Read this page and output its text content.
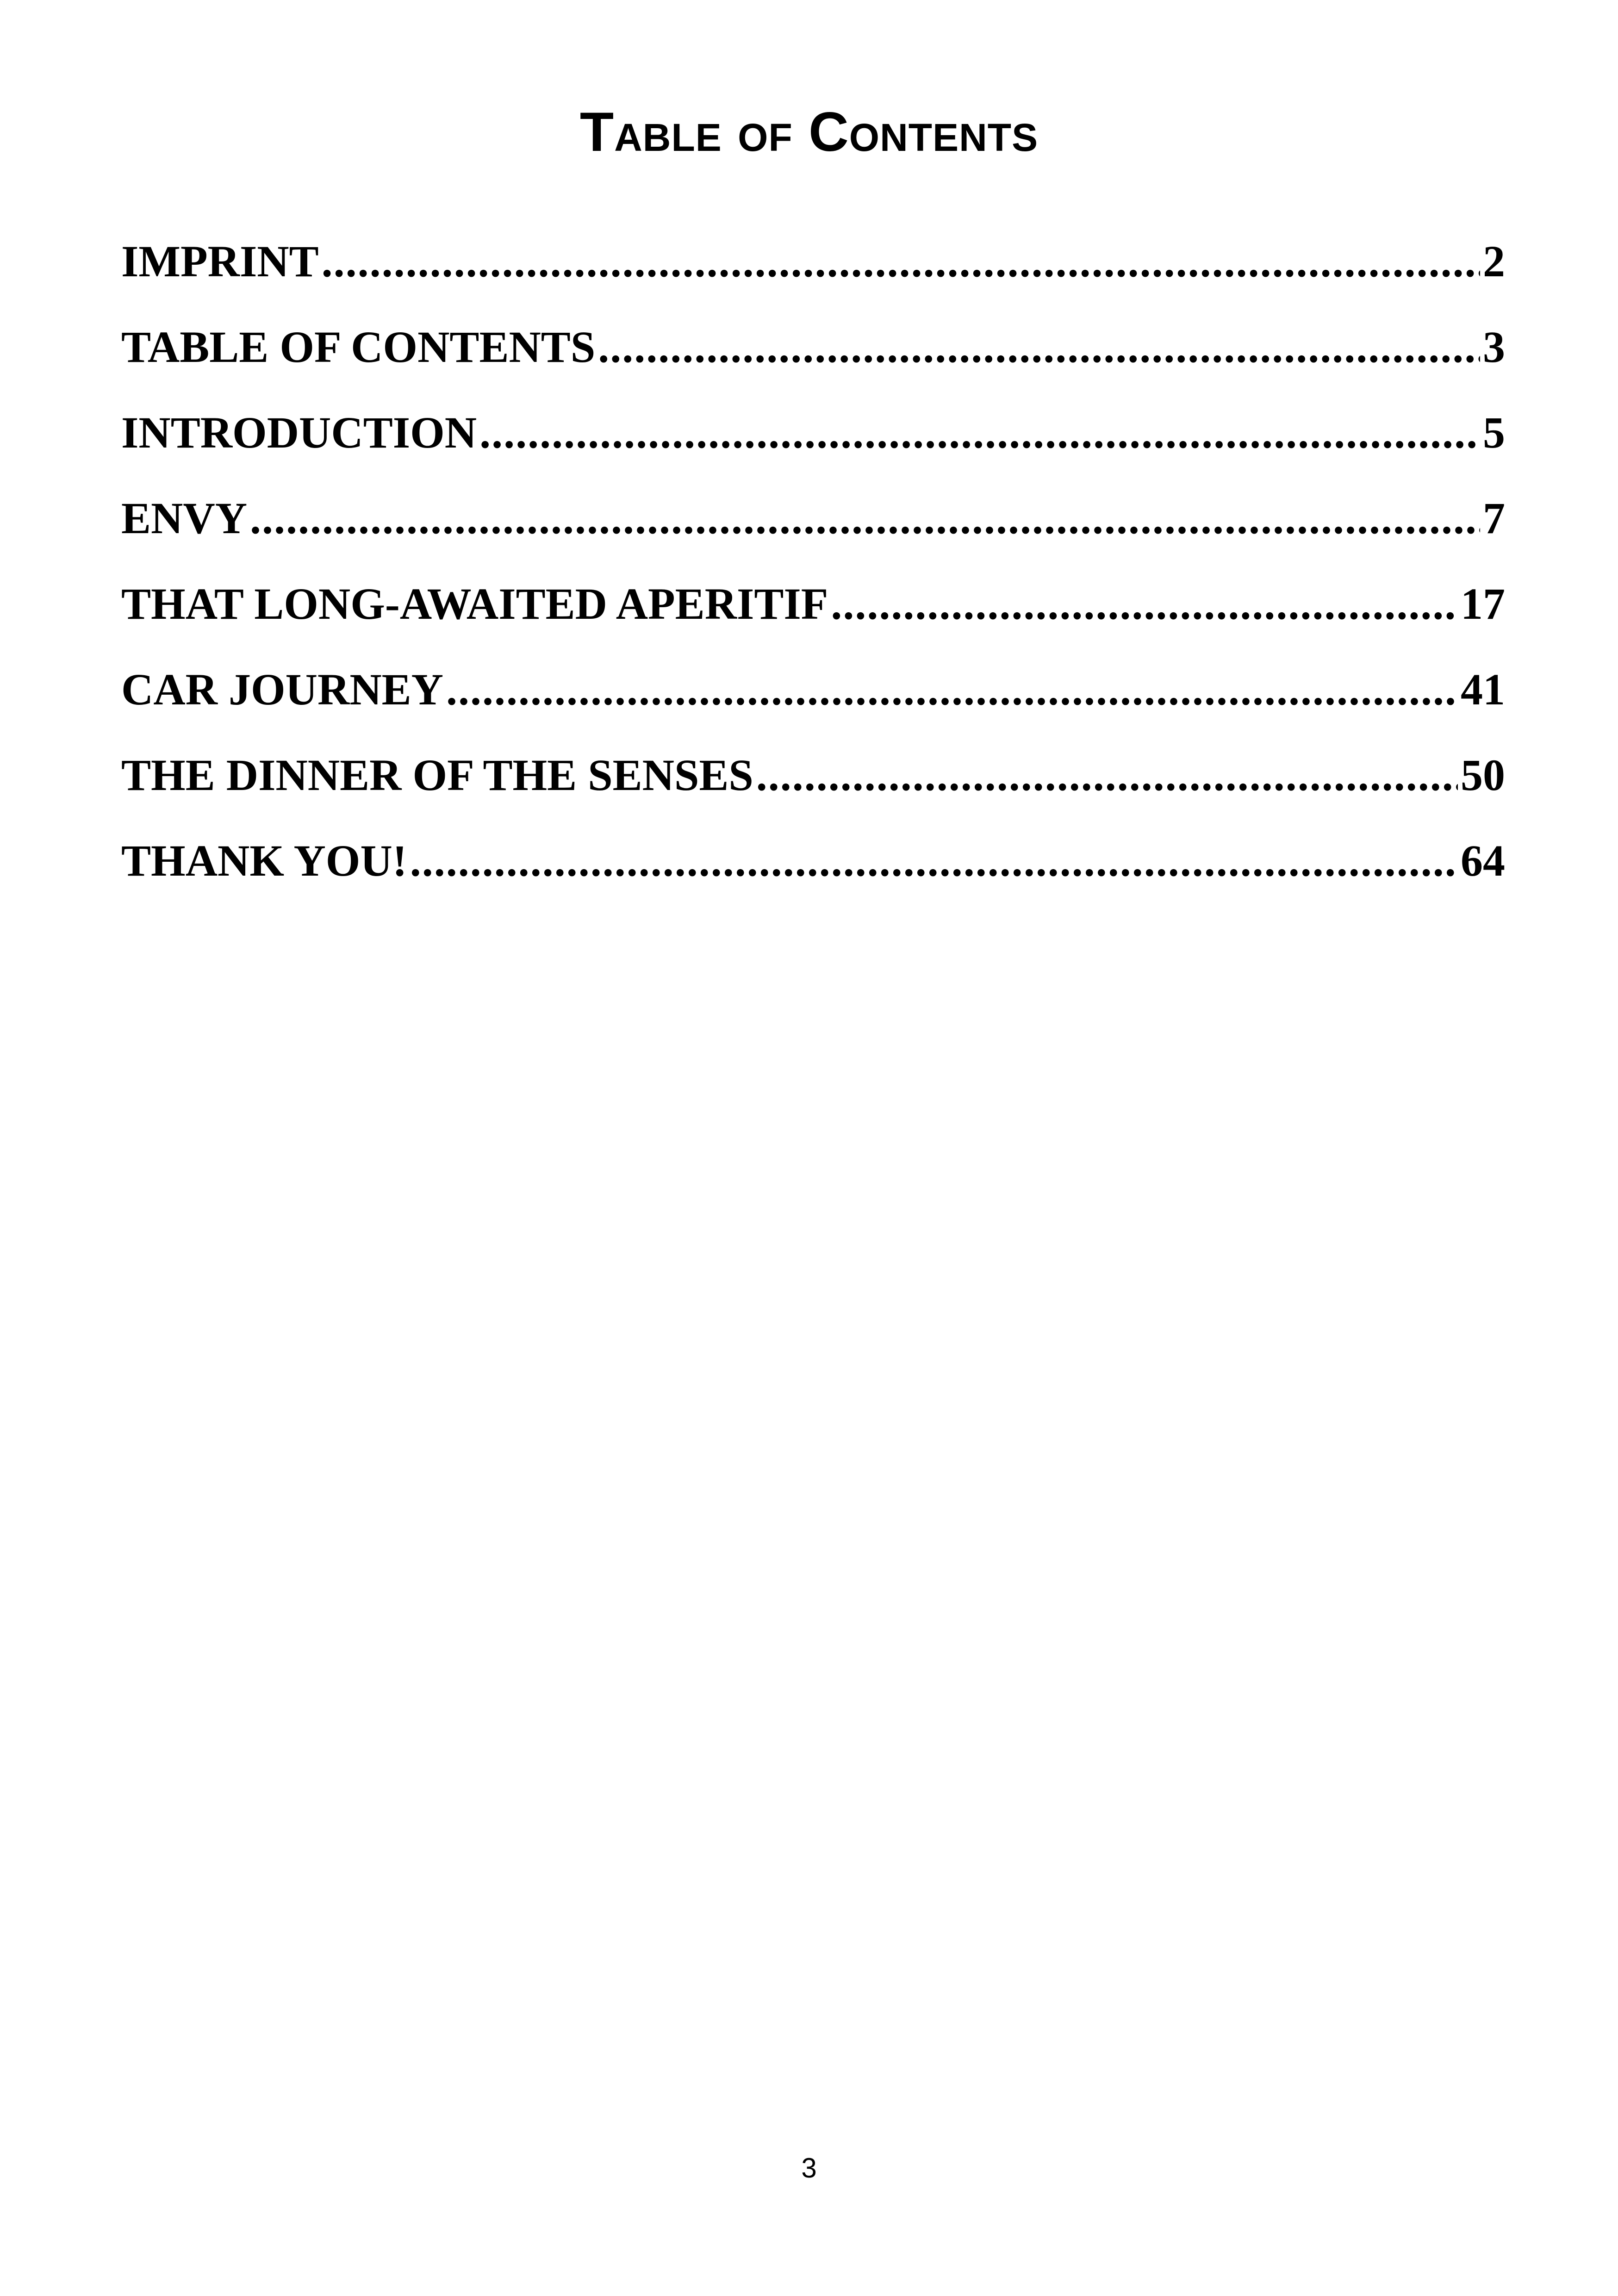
Table of Contents
IMPRINT .....	2
TABLE OF CONTENTS .....	3
INTRODUCTION .....	5
ENVY .....	7
THAT LONG-AWAITED APERITIF .....	17
CAR JOURNEY .....	41
THE DINNER OF THE SENSES .....	50
THANK YOU! .....	64
3
